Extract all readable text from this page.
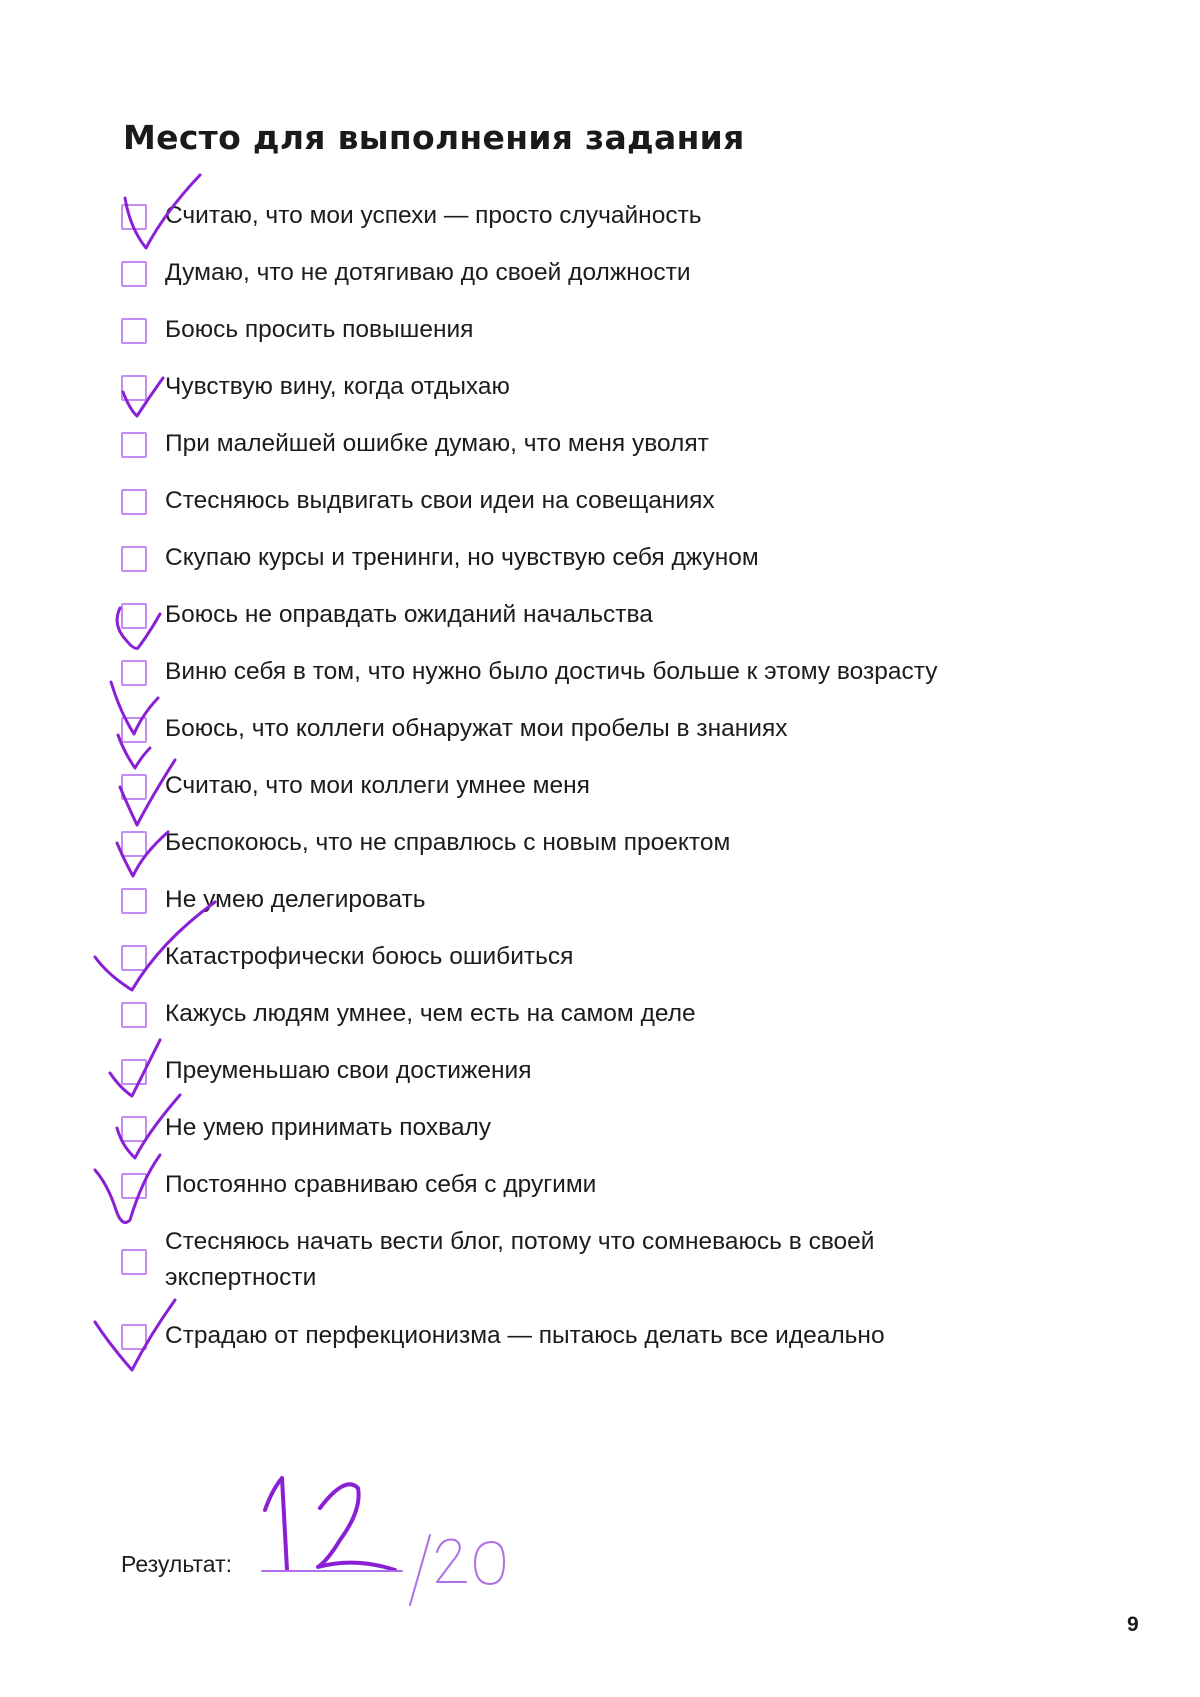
Место для выполнения задания
Считаю, что мои успехи — просто случайность
Думаю, что не дотягиваю до своей должности
Боюсь просить повышения
Чувствую вину, когда отдыхаю
При малейшей ошибке думаю, что меня уволят
Стесняюсь выдвигать свои идеи на совещаниях
Скупаю курсы и тренинги, но чувствую себя джуном
Боюсь не оправдать ожиданий начальства
Виню себя в том, что нужно было достичь больше к этому возрасту
Боюсь, что коллеги обнаружат мои пробелы в знаниях
Считаю, что мои коллеги умнее меня
Беспокоюсь, что не справлюсь с новым проектом
Не умею делегировать
Катастрофически боюсь ошибиться
Кажусь людям умнее, чем есть на самом деле
Преуменьшаю свои достижения
Не умею принимать похвалу
Постоянно сравниваю себя с другими
Стесняюсь начать вести блог, потому что сомневаюсь в своей экспертности
Страдаю от перфекционизма — пытаюсь делать все идеально
Результат:	12	/20
9
